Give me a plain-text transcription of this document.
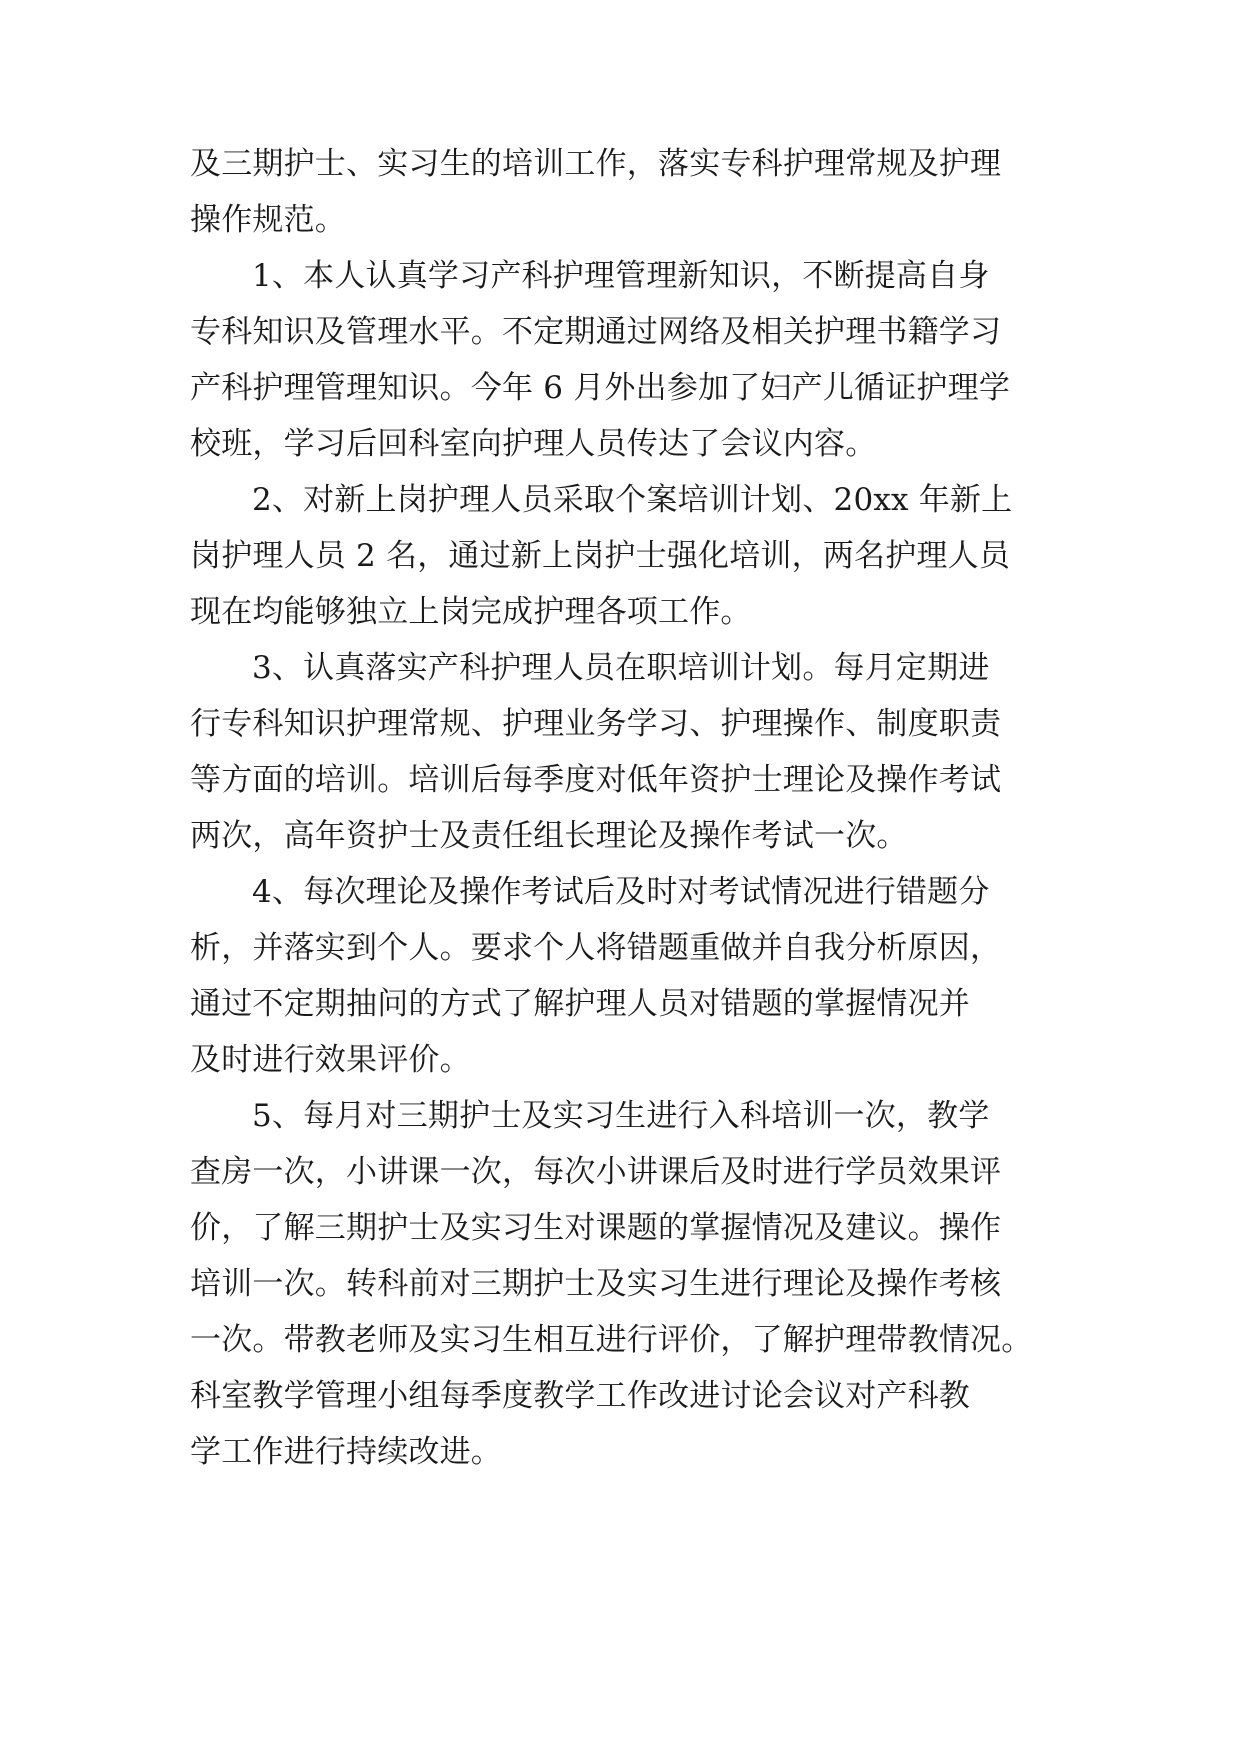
及三期护士、实习生的培训工作，落实专科护理常规及护理
操作规范。
1、本人认真学习产科护理管理新知识，不断提高自身
专科知识及管理水平。不定期通过网络及相关护理书籍学习
产科护理管理知识。今年 6 月外出参加了妇产儿循证护理学
校班，学习后回科室向护理人员传达了会议内容。
2、对新上岗护理人员采取个案培训计划、20xx 年新上
岗护理人员 2 名，通过新上岗护士强化培训，两名护理人员
现在均能够独立上岗完成护理各项工作。
3、认真落实产科护理人员在职培训计划。每月定期进
行专科知识护理常规、护理业务学习、护理操作、制度职责
等方面的培训。培训后每季度对低年资护士理论及操作考试
两次，高年资护士及责任组长理论及操作考试一次。
4、每次理论及操作考试后及时对考试情况进行错题分
析，并落实到个人。要求个人将错题重做并自我分析原因，
通过不定期抽问的方式了解护理人员对错题的掌握情况并
及时进行效果评价。
5、每月对三期护士及实习生进行入科培训一次，教学
查房一次，小讲课一次，每次小讲课后及时进行学员效果评
价，了解三期护士及实习生对课题的掌握情况及建议。操作
培训一次。转科前对三期护士及实习生进行理论及操作考核
一次。带教老师及实习生相互进行评价，了解护理带教情况。
科室教学管理小组每季度教学工作改进讨论会议对产科教
学工作进行持续改进。
